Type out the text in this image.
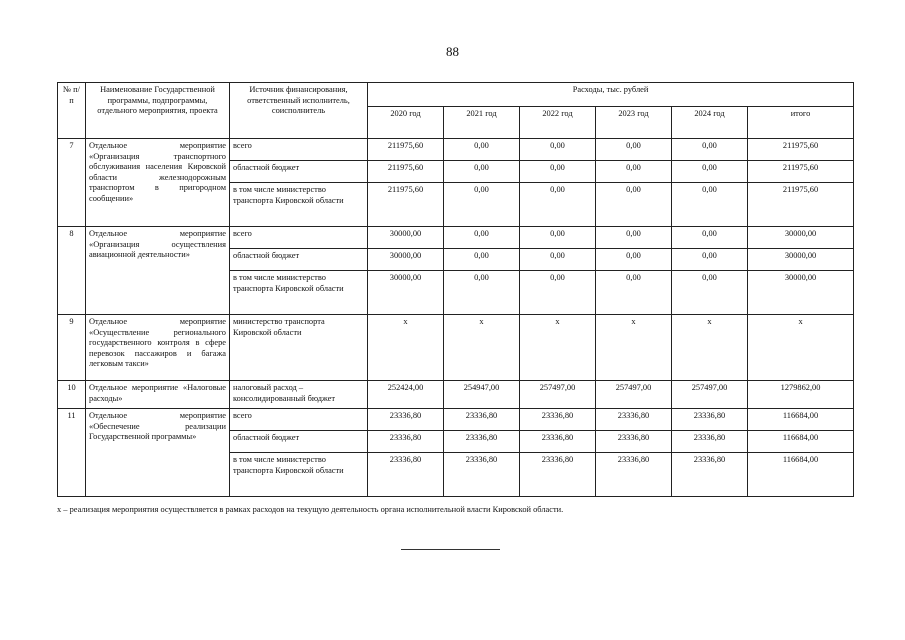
88
№ п/п	Наименование Государственной программы, подпрограммы, отдельного мероприятия, проекта	Источник финансирования, ответственный исполнитель, соисполнитель	Расходы, тыс. рублей					
			2020 год	2021 год	2022 год	2023 год	2024 год	итого
7	Отдельное мероприятие «Организация транспортного обслуживания населения Кировской области железнодорожным транспортом в пригородном сообщении»	всего	211975,60	0,00	0,00	0,00	0,00	211975,60
		областной бюджет	211975,60	0,00	0,00	0,00	0,00	211975,60
		в том числе министерство транспорта Кировской области	211975,60	0,00	0,00	0,00	0,00	211975,60
8	Отдельное мероприятие «Организация осуществления авиационной деятельности»	всего	30000,00	0,00	0,00	0,00	0,00	30000,00
		областной бюджет	30000,00	0,00	0,00	0,00	0,00	30000,00
		в том числе министерство транспорта Кировской области	30000,00	0,00	0,00	0,00	0,00	30000,00
9	Отдельное мероприятие «Осуществление регионального государственного контроля в сфере перевозок пассажиров и багажа легковым такси»	министерство транспорта Кировской области	x	x	x	x	x	x
10	Отдельное мероприятие «Налоговые расходы»	налоговый расход – консолидированный бюджет	252424,00	254947,00	257497,00	257497,00	257497,00	1279862,00
11	Отдельное мероприятие «Обеспечение реализации Государственной программы»	всего	23336,80	23336,80	23336,80	23336,80	23336,80	116684,00
		областной бюджет	23336,80	23336,80	23336,80	23336,80	23336,80	116684,00
		в том числе министерство транспорта Кировской области	23336,80	23336,80	23336,80	23336,80	23336,80	116684,00
x – реализация мероприятия осуществляется в рамках расходов на текущую деятельность органа исполнительной власти Кировской области.
